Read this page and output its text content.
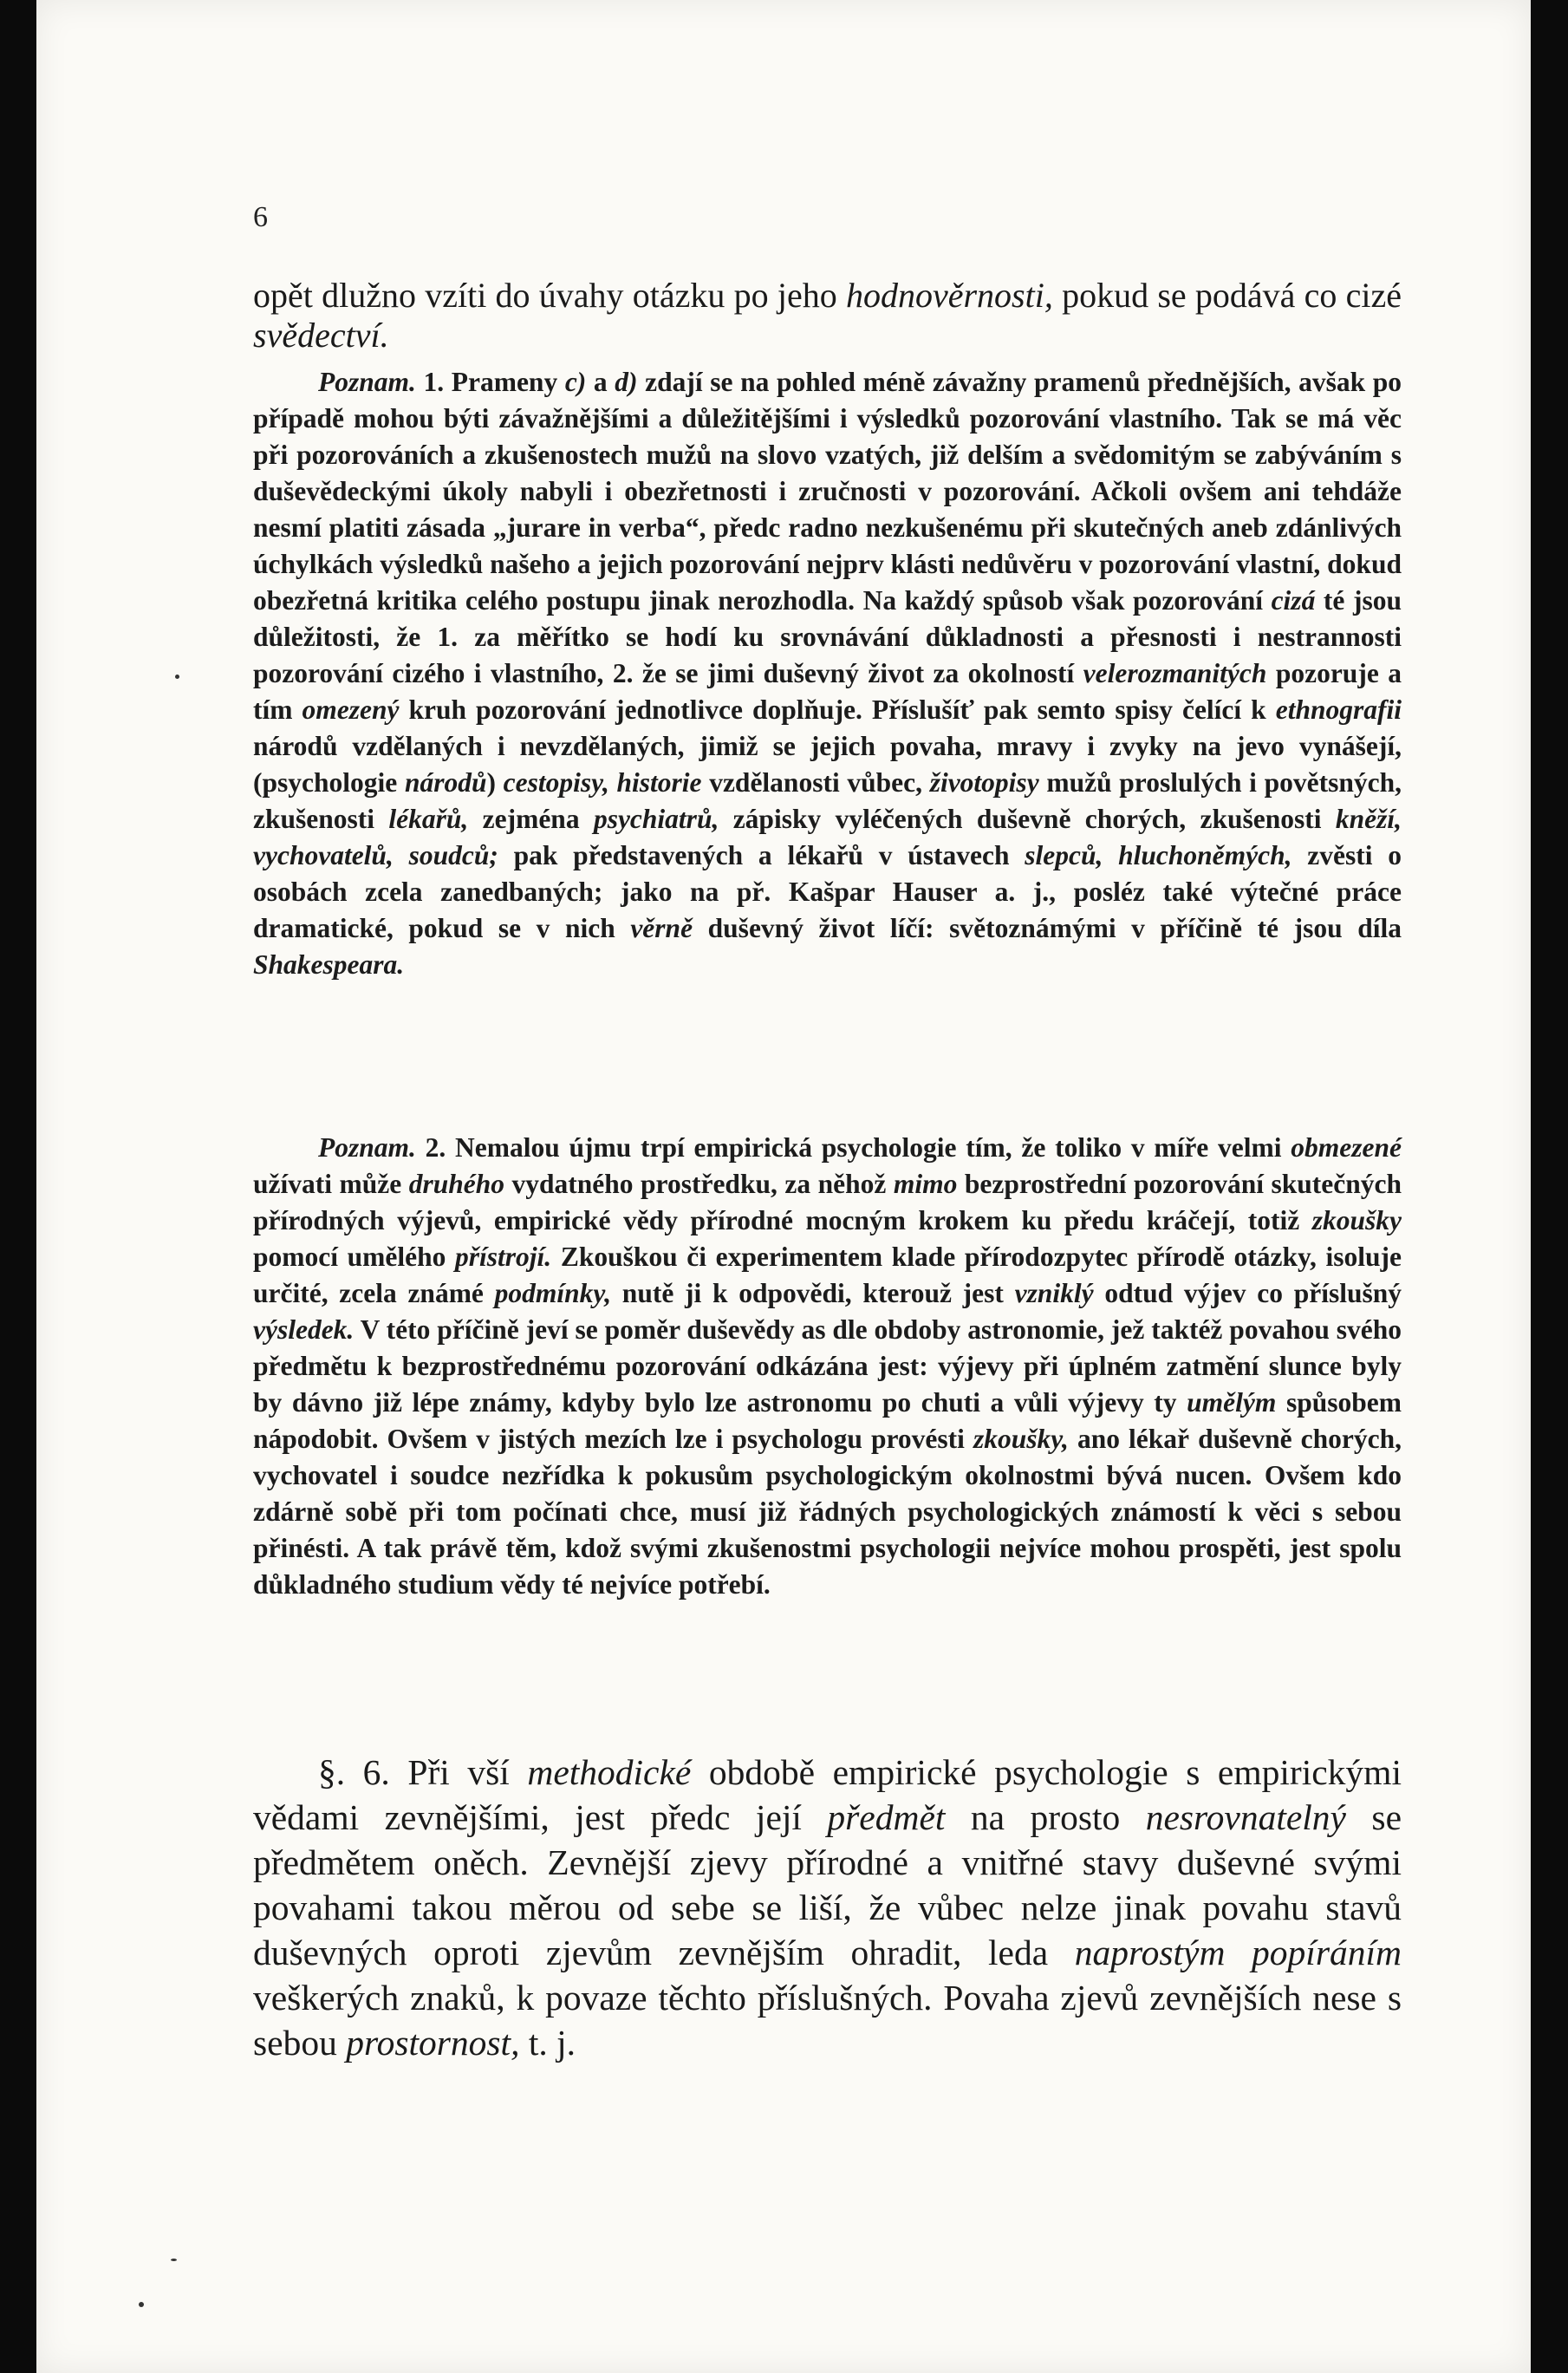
6

opět dlužno vzíti do úvahy otázku po jeho hodnověrnosti, pokud se podává co cizé svědectví.

Poznam. 1. Prameny c) a d) zdají se na pohled méně závažny pramenů přednějších, avšak po případě mohou býti závažnějšími a důležitějšími i výsledků pozorování vlastního. Tak se má věc při pozorováních a zkušenostech mužů na slovo vzatých, již delším a svědomitým se zabýváním s duševědeckými úkoly nabyli i obezřetnosti i zručnosti v pozorování. Ačkoli ovšem ani tehdáže nesmí platiti zásada „jurare in verba“, předc radno nezkušenému při skutečných aneb zdánlivých úchylkách výsledků našeho a jejich pozorování nejprv klásti nedůvěru v pozorování vlastní, dokud obezřetná kritika celého postupu jinak nerozhodla. Na každý spůsob však pozorování cizá té jsou důležitosti, že 1. za měřítko se hodí ku srovnávání důkladnosti a přesnosti i nestrannosti pozorování cizého i vlastního, 2. že se jimi duševný život za okolností velerozmanitých pozoruje a tím omezený kruh pozorování jednotlivce doplňuje. Příslušíť pak semto spisy čelící k ethnografii národů vzdělaných i nevzdělaných, jimiž se jejich povaha, mravy i zvyky na jevo vynášejí, (psychologie národů) cestopisy, historie vzdělanosti vůbec, životopisy mužů proslulých i povětsných, zkušenosti lékařů, zejména psychiatrů, zápisky vyléčených duševně chorých, zkušenosti kněží, vychovatelů, soudců; pak představených a lékařů v ústavech slepců, hluchoněmých, zvěsti o osobách zcela zanedbaných; jako na př. Kašpar Hauser a. j., posléz také výtečné práce dramatické, pokud se v nich věrně duševný život líčí: světoznámými v příčině té jsou díla Shakespeara.

Poznam. 2. Nemalou újmu trpí empirická psychologie tím, že toliko v míře velmi obmezené užívati může druhého vydatného prostředku, za něhož mimo bezprostřední pozorování skutečných přírodných výjevů, empirické vědy přírodné mocným krokem ku předu kráčejí, totiž zkoušky pomocí umělého přístrojí. Zkouškou či experimentem klade přírodozpytec přírodě otázky, isoluje určité, zcela známé podmínky, nutě ji k odpovědi, kterouž jest vzniklý odtud výjev co příslušný výsledek. V této příčině jeví se poměr duševědy as dle obdoby astronomie, jež taktéž povahou svého předmětu k bezprostřednému pozorování odkázána jest: výjevy při úplném zatmění slunce byly by dávno již lépe známy, kdyby bylo lze astronomu po chuti a vůli výjevy ty umělým spůsobem nápodobit. Ovšem v jistých mezích lze i psychologu provésti zkoušky, ano lékař duševně chorých, vychovatel i soudce nezřídka k pokusům psychologickým okolnostmi bývá nucen. Ovšem kdo zdárně sobě při tom počínati chce, musí již řádných psychologických známostí k věci s sebou přinésti. A tak právě těm, kdož svými zkušenostmi psychologii nejvíce mohou prospěti, jest spolu důkladného studium vědy té nejvíce potřebí.

§. 6. Při vší methodické obdobě empirické psychologie s empirickými vědami zevnějšími, jest předc její předmět na prosto nesrovnatelný se předmětem oněch. Zevnější zjevy přírodné a vnitřné stavy duševné svými povahami takou měrou od sebe se liší, že vůbec nelze jinak povahu stavů duševných oproti zjevům zevnějším ohradit, leda naprostým popíráním veškerých znaků, k povaze těchto příslušných. Povaha zjevů zevnějších nese s sebou prostornost, t. j.
